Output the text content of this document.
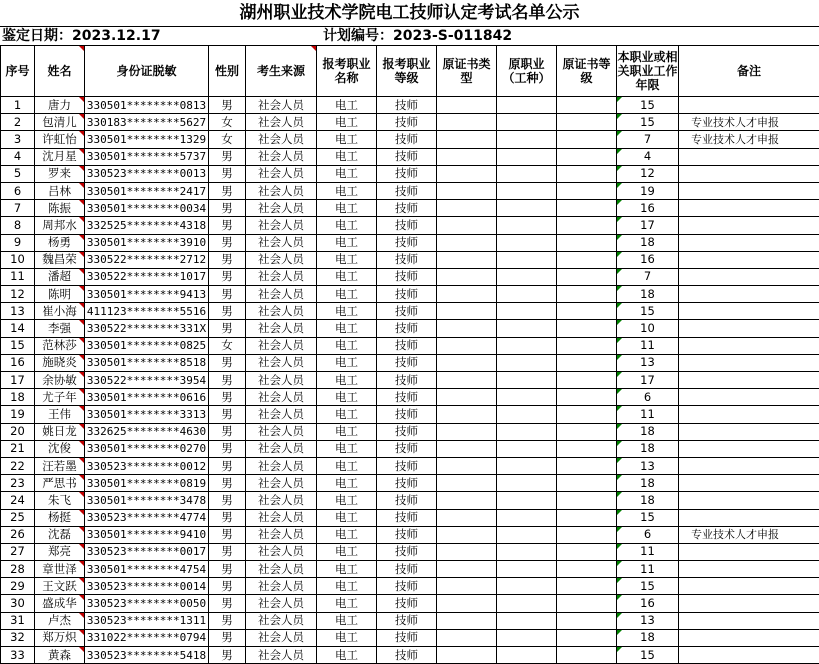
湖州职业技术学院电工技师认定考试名单公示
鉴定日期：2023.12.17	计划编号：2023-S-011842
序号	姓名	身份证脱敏	性别	考生来源	报考职业名称	报考职业等级	原证书类型	原职业（工种）	原证书等级	本职业或相关职业工作年限	备注
1	唐力	330501********0813	男	社会人员	电工	技师				15	
2	包清儿	330183********5627	女	社会人员	电工	技师				15	专业技术人才申报
3	许虹怡	330501********1329	女	社会人员	电工	技师				7	专业技术人才申报
4	沈月星	330501********5737	男	社会人员	电工	技师				4	
5	罗来	330523********0013	男	社会人员	电工	技师				12	
6	吕林	330501********2417	男	社会人员	电工	技师				19	
7	陈振	330501********0034	男	社会人员	电工	技师				16	
8	周邦水	332525********4318	男	社会人员	电工	技师				17	
9	杨勇	330501********3910	男	社会人员	电工	技师				18	
10	魏昌荣	330522********2712	男	社会人员	电工	技师				16	
11	潘超	330522********1017	男	社会人员	电工	技师				7	
12	陈明	330501********9413	男	社会人员	电工	技师				18	
13	崔小海	411123********5516	男	社会人员	电工	技师				15	
14	李强	330522********331X	男	社会人员	电工	技师				10	
15	范林莎	330501********0825	女	社会人员	电工	技师				11	
16	施晓炎	330501********8518	男	社会人员	电工	技师				13	
17	余协敏	330522********3954	男	社会人员	电工	技师				17	
18	尤子年	330501********0616	男	社会人员	电工	技师				6	
19	王伟	330501********3313	男	社会人员	电工	技师				11	
20	姚日龙	332625********4630	男	社会人员	电工	技师				18	
21	沈俊	330501********0270	男	社会人员	电工	技师				18	
22	汪若墨	330523********0012	男	社会人员	电工	技师				13	
23	严思书	330501********0819	男	社会人员	电工	技师				18	
24	朱飞	330501********3478	男	社会人员	电工	技师				18	
25	杨挺	330523********4774	男	社会人员	电工	技师				15	
26	沈磊	330501********9410	男	社会人员	电工	技师				6	专业技术人才申报
27	郑亮	330523********0017	男	社会人员	电工	技师				11	
28	章世泽	330501********4754	男	社会人员	电工	技师				11	
29	王文跃	330523********0014	男	社会人员	电工	技师				15	
30	盛成华	330523********0050	男	社会人员	电工	技师				16	
31	卢杰	330523********1311	男	社会人员	电工	技师				13	
32	郑万炽	331022********0794	男	社会人员	电工	技师				18	
33	黄森	330523********5418	男	社会人员	电工	技师				15	
